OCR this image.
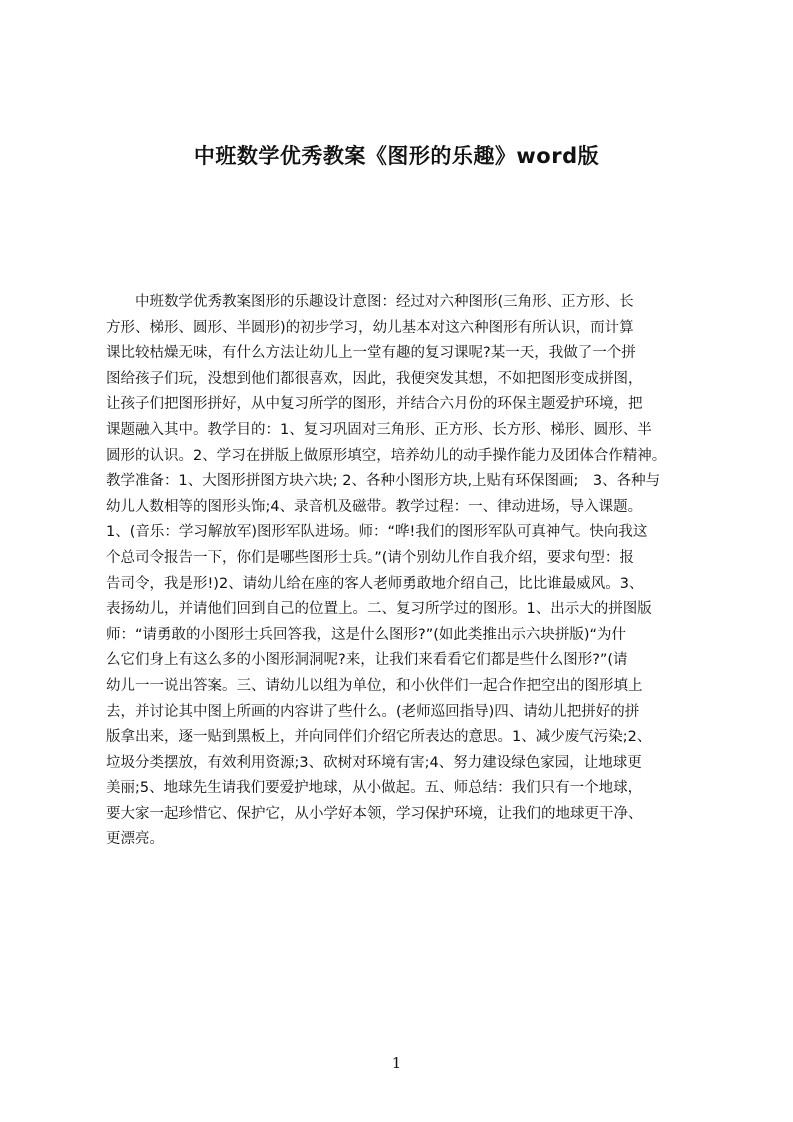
中班数学优秀教案《图形的乐趣》word版
　　中班数学优秀教案图形的乐趣设计意图：经过对六种图形(三角形、正方形、长
方形、梯形、圆形、半圆形)的初步学习，幼儿基本对这六种图形有所认识，而计算
课比较枯燥无味，有什么方法让幼儿上一堂有趣的复习课呢?某一天，我做了一个拼
图给孩子们玩，没想到他们都很喜欢，因此，我便突发其想，不如把图形变成拼图，
让孩子们把图形拼好，从中复习所学的图形，并结合六月份的环保主题爱护环境，把
课题融入其中。教学目的：1、复习巩固对三角形、正方形、长方形、梯形、圆形、半
圆形的认识。2、学习在拼版上做原形填空，培养幼儿的动手操作能力及团体合作精神。
教学准备：1、大图形拼图方块六块; 2、各种小图形方块,上贴有环保图画;　3、各种与
幼儿人数相等的图形头饰;4、录音机及磁带。教学过程：一、律动进场，导入课题。
1、(音乐：学习解放军)图形军队进场。师：“哗!我们的图形军队可真神气。快向我这
个总司令报告一下，你们是哪些图形士兵。”(请个别幼儿作自我介绍，要求句型：报
告司令，我是形!)2、请幼儿给在座的客人老师勇敢地介绍自己，比比谁最威风。3、
表扬幼儿，并请他们回到自己的位置上。二、复习所学过的图形。1、出示大的拼图版
师：“请勇敢的小图形士兵回答我，这是什么图形?”(如此类推出示六块拼版)“为什
么它们身上有这么多的小图形洞洞呢?来，让我们来看看它们都是些什么图形?”(请
幼儿一一说出答案。三、请幼儿以组为单位，和小伙伴们一起合作把空出的图形填上
去，并讨论其中图上所画的内容讲了些什么。(老师巡回指导)四、请幼儿把拼好的拼
版拿出来，逐一贴到黑板上，并向同伴们介绍它所表达的意思。1、减少废气污染;2、
垃圾分类摆放，有效利用资源;3、砍树对环境有害;4、努力建设绿色家园，让地球更
美丽;5、地球先生请我们要爱护地球，从小做起。五、师总结：我们只有一个地球，
要大家一起珍惜它、保护它，从小学好本领，学习保护环境，让我们的地球更干净、
更漂亮。
1
